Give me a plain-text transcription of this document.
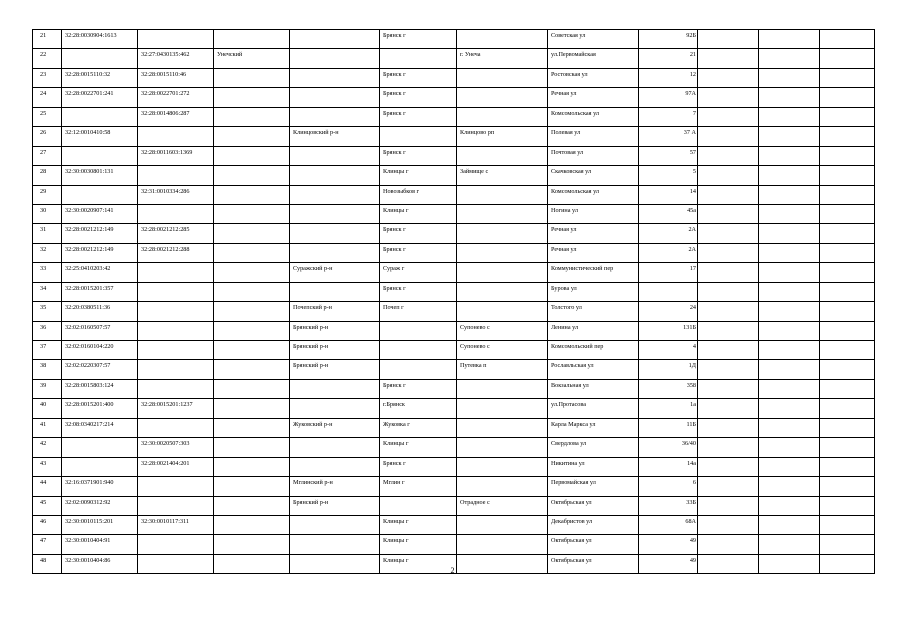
21	32:28:0030904:1613				Брянск г		Советская ул	92Б			
22		32:27:0430135:462	Унечский			г. Унеча	ул.Первомайская	21			
23	32:28:0015110:32	32:28:0015110:46			Брянск г		Ростовская ул	12			
24	32:28:0022701:241	32:28:0022701:272			Брянск г		Речная ул	97А			
25		32:28:0014806:287			Брянск г		Комсомольская ул	7			
26	32:12:0010410:58			Клинцовский р-н		Клинцово рп	Полевая ул	37 А			
27		32:28:0011603:1369			Брянск г		Почтовая ул	57			
28	32:30:0030801:131				Клинцы г	Займище с	Скачковская ул	5			
29		32:31:0010334:286			Новозыбков г		Комсомольская ул	14			
30	32:30:0020907:141				Клинцы г		Ногина ул	45а			
31	32:28:0021212:149	32:28:0021212:285			Брянск г		Речная ул	2А			
32	32:28:0021212:149	32:28:0021212:288			Брянск г		Речная ул	2А			
33	32:25:0410203:42			Суражский р-н	Сураж г		Коммунистический пер	17			
34	32:28:0015201:357				Брянск г		Бурова ул				
35	32:20:0380511:36			Почепский р-н	Почеп г		Толстого ул	24			
36	32:02:0160507:57			Брянский р-н		Супонево с	Ленина ул	131Б			
37	32:02:0160104:220			Брянский р-н		Супонево с	Комсомольский пер	4			
38	32:02:0220307:57			Брянский р-н		Путевка п	Рославльская ул	1Д			
39	32:28:0015803:124				Брянск г		Вокзальная ул	358			
40	32:28:0015201:400	32:28:0015201:1237			г.Брянск		ул.Протасова	1а			
41	32:08:0340217:214			Жуковский р-н	Жуковка г		Карла Маркса ул	11Б			
42		32:30:0020507:303			Клинцы г		Свердлова ул	36/40			
43		32:28:0021404:201			Брянск г		Никитина ул	14а			
44	32:16:0371901:940			Мглинский р-н	Мглин г		Первомайская ул	6			
45	32:02:0090312:92			Брянский р-н		Отрадное с	Октябрьская ул	33Б			
46	32:30:0010115:201	32:30:0010117:311			Клинцы г		Декабристов ул	68А			
47	32:30:0010404:91				Клинцы г		Октябрьская ул	49			
48	32:30:0010404:86				Клинцы г		Октябрьская ул	49			
2
